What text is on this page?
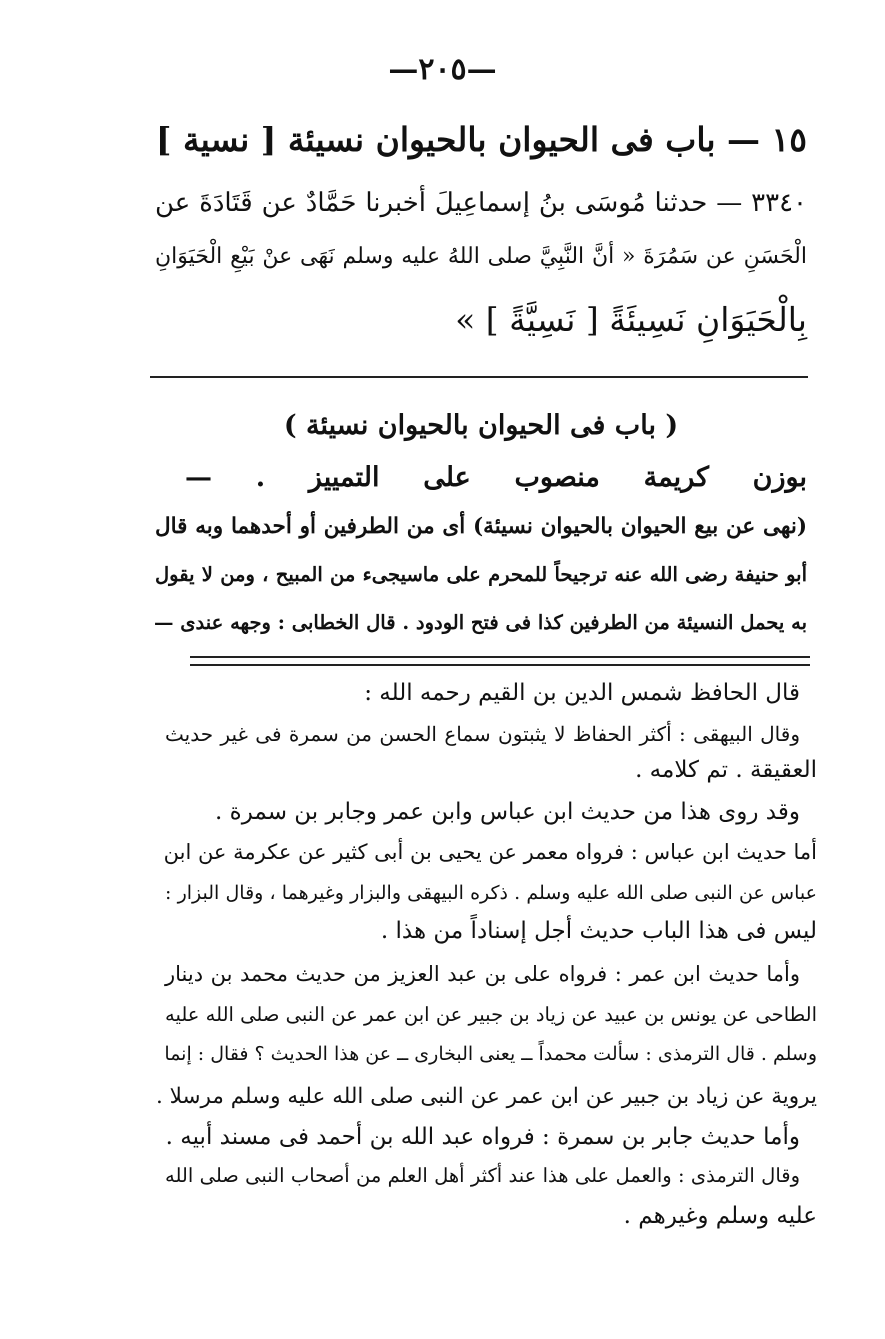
—٢٠٥—
١٥ — باب فى الحيوان بالحيوان نسيئة [ نسية ]
٣٣٤٠ — حدثنا مُوسَى بنُ إسماعِيلَ أخبرنا حَمَّادٌ عن قَتَادَةَ عن
الْحَسَنِ عن سَمُرَةَ « أنَّ النَّبِيَّ صلى اللهُ عليه وسلم نَهَى عنْ بَيْعِ الْحَيَوَانِ
بِالْحَيَوَانِ نَسِيئَةً [ نَسِيَّةً ] »
( باب فى الحيوان بالحيوان نسيئة )
بوزن كريمة منصوب على التمييز . —
(نهى عن بيع الحيوان بالحيوان نسيئة) أى من الطرفين أو أحدهما وبه قال
أبو حنيفة رضى الله عنه ترجيحاً للمحرم على ماسيجىء من المبيح ، ومن لا يقول
به يحمل النسيئة من الطرفين كذا فى فتح الودود . قال الخطابى : وجهه عندى —
قال الحافظ شمس الدين بن القيم رحمه الله :
وقال البيهقى : أكثر الحفاظ لا يثبتون سماع الحسن من سمرة فى غير حديث
العقيقة . تم كلامه .
وقد روى هذا من حديث ابن عباس وابن عمر وجابر بن سمرة .
أما حديث ابن عباس : فرواه معمر عن يحيى بن أبى كثير عن عكرمة عن ابن
عباس عن النبى صلى الله عليه وسلم . ذكره البيهقى والبزار وغيرهما ، وقال البزار :
ليس فى هذا الباب حديث أجل إسناداً من هذا .
وأما حديث ابن عمر : فرواه على بن عبد العزيز من حديث محمد بن دينار
الطاحى عن يونس بن عبيد عن زياد بن جبير عن ابن عمر عن النبى صلى الله عليه
وسلم . قال الترمذى : سألت محمداً ــ يعنى البخارى ــ عن هذا الحديث ؟ فقال : إنما
يروية عن زياد بن جبير عن ابن عمر عن النبى صلى الله عليه وسلم مرسلا .
وأما حديث جابر بن سمرة : فرواه عبد الله بن أحمد فى مسند أبيه .
وقال الترمذى : والعمل على هذا عند أكثر أهل العلم من أصحاب النبى صلى الله
عليه وسلم وغيرهم .
